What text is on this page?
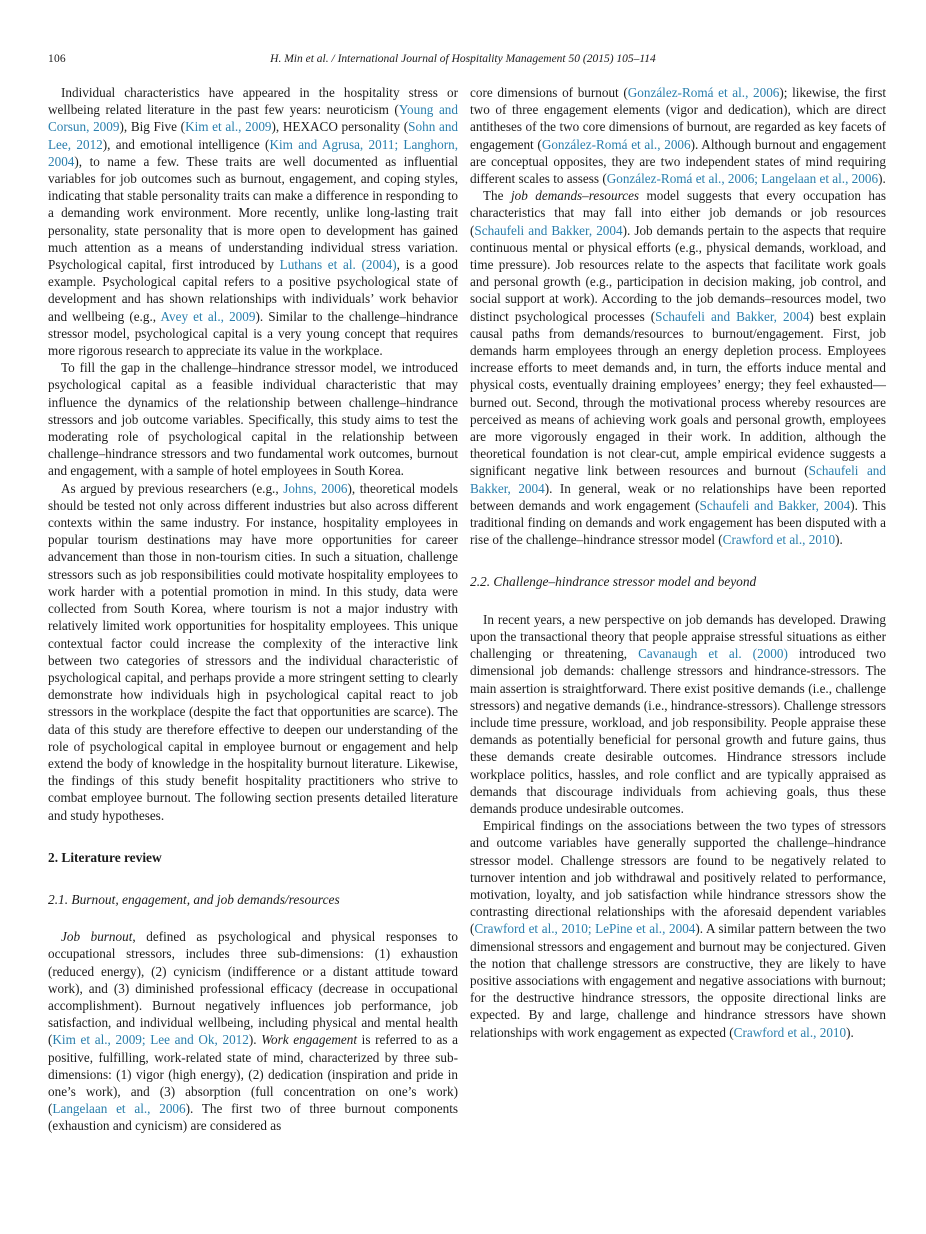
106	H. Min et al. / International Journal of Hospitality Management 50 (2015) 105–114

Individual characteristics have appeared in the hospitality stress or wellbeing related literature in the past few years: neuroticism (Young and Corsun, 2009), Big Five (Kim et al., 2009), HEXACO personality (Sohn and Lee, 2012), and emotional intelligence (Kim and Agrusa, 2011; Langhorn, 2004), to name a few. These traits are well documented as influential variables for job outcomes such as burnout, engagement, and coping styles, indicating that stable personality traits can make a difference in responding to a demanding work environment. More recently, unlike long-lasting trait personality, state personality that is more open to development has gained much attention as a means of understanding individual stress variation. Psychological capital, first introduced by Luthans et al. (2004), is a good example. Psychological capital refers to a positive psychological state of development and has shown relationships with individuals’ work behavior and wellbeing (e.g., Avey et al., 2009). Similar to the challenge–hindrance stressor model, psychological capital is a very young concept that requires more rigorous research to appreciate its value in the workplace.

To fill the gap in the challenge–hindrance stressor model, we introduced psychological capital as a feasible individual characteristic that may influence the dynamics of the relationship between challenge–hindrance stressors and job outcome variables. Specifically, this study aims to test the moderating role of psychological capital in the relationship between challenge–hindrance stressors and two fundamental work outcomes, burnout and engagement, with a sample of hotel employees in South Korea.

As argued by previous researchers (e.g., Johns, 2006), theoretical models should be tested not only across different industries but also across different contexts within the same industry. For instance, hospitality employees in popular tourism destinations may have more opportunities for career advancement than those in non-tourism cities. In such a situation, challenge stressors such as job responsibilities could motivate hospitality employees to work harder with a potential promotion in mind. In this study, data were collected from South Korea, where tourism is not a major industry with relatively limited work opportunities for hospitality employees. This unique contextual factor could increase the complexity of the interactive link between two categories of stressors and the individual characteristic of psychological capital, and perhaps provide a more stringent setting to clearly demonstrate how individuals high in psychological capital react to job stressors in the workplace (despite the fact that opportunities are scarce). The data of this study are therefore effective to deepen our understanding of the role of psychological capital in employee burnout or engagement and help extend the body of knowledge in the hospitality burnout literature. Likewise, the findings of this study benefit hospitality practitioners who strive to combat employee burnout. The following section presents detailed literature and study hypotheses.

2. Literature review
2.1. Burnout, engagement, and job demands/resources

Job burnout, defined as psychological and physical responses to occupational stressors, includes three sub-dimensions: (1) exhaustion (reduced energy), (2) cynicism (indifference or a distant attitude toward work), and (3) diminished professional efficacy (decrease in occupational accomplishment). Burnout negatively influences job performance, job satisfaction, and individual wellbeing, including physical and mental health (Kim et al., 2009; Lee and Ok, 2012). Work engagement is referred to as a positive, fulfilling, work-related state of mind, characterized by three sub-dimensions: (1) vigor (high energy), (2) dedication (inspiration and pride in one’s work), and (3) absorption (full concentration on one’s work) (Langelaan et al., 2006). The first two of three burnout components (exhaustion and cynicism) are considered as

core dimensions of burnout (González-Romá et al., 2006); likewise, the first two of three engagement elements (vigor and dedication), which are direct antitheses of the two core dimensions of burnout, are regarded as key facets of engagement (González-Romá et al., 2006). Although burnout and engagement are conceptual opposites, they are two independent states of mind requiring different scales to assess (González-Romá et al., 2006; Langelaan et al., 2006).

The job demands–resources model suggests that every occupation has characteristics that may fall into either job demands or job resources (Schaufeli and Bakker, 2004). Job demands pertain to the aspects that require continuous mental or physical efforts (e.g., physical demands, workload, and time pressure). Job resources relate to the aspects that facilitate work goals and personal growth (e.g., participation in decision making, job control, and social support at work). According to the job demands–resources model, two distinct psychological processes (Schaufeli and Bakker, 2004) best explain causal paths from demands/resources to burnout/engagement. First, job demands harm employees through an energy depletion process. Employees increase efforts to meet demands and, in turn, the efforts induce mental and physical costs, eventually draining employees’ energy; they feel exhausted—burned out. Second, through the motivational process whereby resources are perceived as means of achieving work goals and personal growth, employees are more vigorously engaged in their work. In addition, although the theoretical foundation is not clear-cut, ample empirical evidence suggests a significant negative link between resources and burnout (Schaufeli and Bakker, 2004). In general, weak or no relationships have been reported between demands and work engagement (Schaufeli and Bakker, 2004). This traditional finding on demands and work engagement has been disputed with a rise of the challenge–hindrance stressor model (Crawford et al., 2010).

2.2. Challenge–hindrance stressor model and beyond

In recent years, a new perspective on job demands has developed. Drawing upon the transactional theory that people appraise stressful situations as either challenging or threatening, Cavanaugh et al. (2000) introduced two dimensional job demands: challenge stressors and hindrance-stressors. The main assertion is straightforward. There exist positive demands (i.e., challenge stressors) and negative demands (i.e., hindrance-stressors). Challenge stressors include time pressure, workload, and job responsibility. People appraise these demands as potentially beneficial for personal growth and future gains, thus these demands create desirable outcomes. Hindrance stressors include workplace politics, hassles, and role conflict and are typically appraised as demands that discourage individuals from achieving goals, thus these demands produce undesirable outcomes.

Empirical findings on the associations between the two types of stressors and outcome variables have generally supported the challenge–hindrance stressor model. Challenge stressors are found to be negatively related to turnover intention and job withdrawal and positively related to performance, motivation, loyalty, and job satisfaction while hindrance stressors show the contrasting directional relationships with the aforesaid dependent variables (Crawford et al., 2010; LePine et al., 2004). A similar pattern between the two dimensional stressors and engagement and burnout may be conjectured. Given the notion that challenge stressors are constructive, they are likely to have positive associations with engagement and negative associations with burnout; for the destructive hindrance stressors, the opposite directional links are expected. By and large, challenge and hindrance stressors have shown relationships with work engagement as expected (Crawford et al., 2010).
